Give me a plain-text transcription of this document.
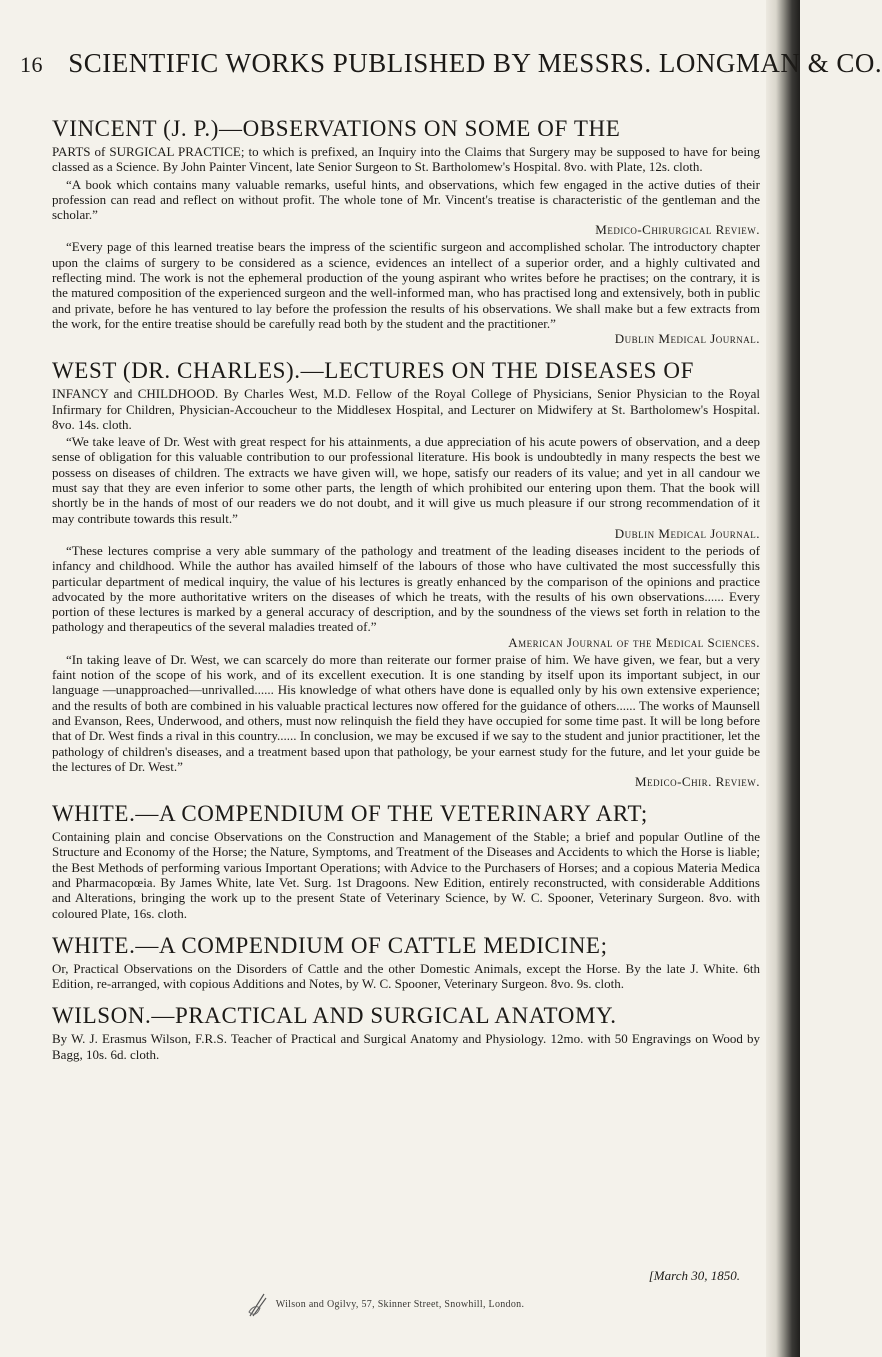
16 SCIENTIFIC WORKS PUBLISHED BY MESSRS. LONGMAN & CO.
VINCENT (J. P.)—OBSERVATIONS ON SOME OF THE
PARTS of SURGICAL PRACTICE; to which is prefixed, an Inquiry into the Claims that Surgery may be supposed to have for being classed as a Science. By John Painter Vincent, late Senior Surgeon to St. Bartholomew's Hospital. 8vo. with Plate, 12s. cloth.
“A book which contains many valuable remarks, useful hints, and observations, which few engaged in the active duties of their profession can read and reflect on without profit. The whole tone of Mr. Vincent's treatise is characteristic of the gentleman and the scholar.”
Medico-Chirurgical Review.
“Every page of this learned treatise bears the impress of the scientific surgeon and accomplished scholar. The introductory chapter upon the claims of surgery to be considered as a science, evidences an intellect of a superior order, and a highly cultivated and reflecting mind. The work is not the ephemeral production of the young aspirant who writes before he practises; on the contrary, it is the matured composition of the experienced surgeon and the well-informed man, who has practised long and extensively, both in public and private, before he has ventured to lay before the profession the results of his observations. We shall make but a few extracts from the work, for the entire treatise should be carefully read both by the student and the practitioner.”
Dublin Medical Journal.
WEST (DR. CHARLES).—LECTURES ON THE DISEASES OF
INFANCY and CHILDHOOD. By Charles West, M.D. Fellow of the Royal College of Physicians, Senior Physician to the Royal Infirmary for Children, Physician-Accoucheur to the Middlesex Hospital, and Lecturer on Midwifery at St. Bartholomew's Hospital. 8vo. 14s. cloth.
“We take leave of Dr. West with great respect for his attainments, a due appreciation of his acute powers of observation, and a deep sense of obligation for this valuable contribution to our professional literature. His book is undoubtedly in many respects the best we possess on diseases of children. The extracts we have given will, we hope, satisfy our readers of its value; and yet in all candour we must say that they are even inferior to some other parts, the length of which prohibited our entering upon them. That the book will shortly be in the hands of most of our readers we do not doubt, and it will give us much pleasure if our strong recommendation of it may contribute towards this result.”
Dublin Medical Journal.
“These lectures comprise a very able summary of the pathology and treatment of the leading diseases incident to the periods of infancy and childhood. While the author has availed himself of the labours of those who have cultivated the most successfully this particular department of medical inquiry, the value of his lectures is greatly enhanced by the comparison of the opinions and practice advocated by the more authoritative writers on the diseases of which he treats, with the results of his own observations...... Every portion of these lectures is marked by a general accuracy of description, and by the soundness of the views set forth in relation to the pathology and therapeutics of the several maladies treated of.”
American Journal of the Medical Sciences.
“In taking leave of Dr. West, we can scarcely do more than reiterate our former praise of him. We have given, we fear, but a very faint notion of the scope of his work, and of its excellent execution. It is one standing by itself upon its important subject, in our language —unapproached—unrivalled...... His knowledge of what others have done is equalled only by his own extensive experience; and the results of both are combined in his valuable practical lectures now offered for the guidance of others...... The works of Maunsell and Evanson, Rees, Underwood, and others, must now relinquish the field they have occupied for some time past. It will be long before that of Dr. West finds a rival in this country...... In conclusion, we may be excused if we say to the student and junior practitioner, let the pathology of children's diseases, and a treatment based upon that pathology, be your earnest study for the future, and let your guide be the lectures of Dr. West.”
Medico-Chir. Review.
WHITE.—A COMPENDIUM OF THE VETERINARY ART;
Containing plain and concise Observations on the Construction and Management of the Stable; a brief and popular Outline of the Structure and Economy of the Horse; the Nature, Symptoms, and Treatment of the Diseases and Accidents to which the Horse is liable; the Best Methods of performing various Important Operations; with Advice to the Purchasers of Horses; and a copious Materia Medica and Pharmacopœia. By James White, late Vet. Surg. 1st Dragoons. New Edition, entirely reconstructed, with considerable Additions and Alterations, bringing the work up to the present State of Veterinary Science, by W. C. Spooner, Veterinary Surgeon. 8vo. with coloured Plate, 16s. cloth.
WHITE.—A COMPENDIUM OF CATTLE MEDICINE;
Or, Practical Observations on the Disorders of Cattle and the other Domestic Animals, except the Horse. By the late J. White. 6th Edition, re-arranged, with copious Additions and Notes, by W. C. Spooner, Veterinary Surgeon. 8vo. 9s. cloth.
WILSON.—PRACTICAL AND SURGICAL ANATOMY.
By W. J. Erasmus Wilson, F.R.S. Teacher of Practical and Surgical Anatomy and Physiology. 12mo. with 50 Engravings on Wood by Bagg, 10s. 6d. cloth.
[March 30, 1850.
Wilson and Ogilvy, 57, Skinner Street, Snowhill, London.
